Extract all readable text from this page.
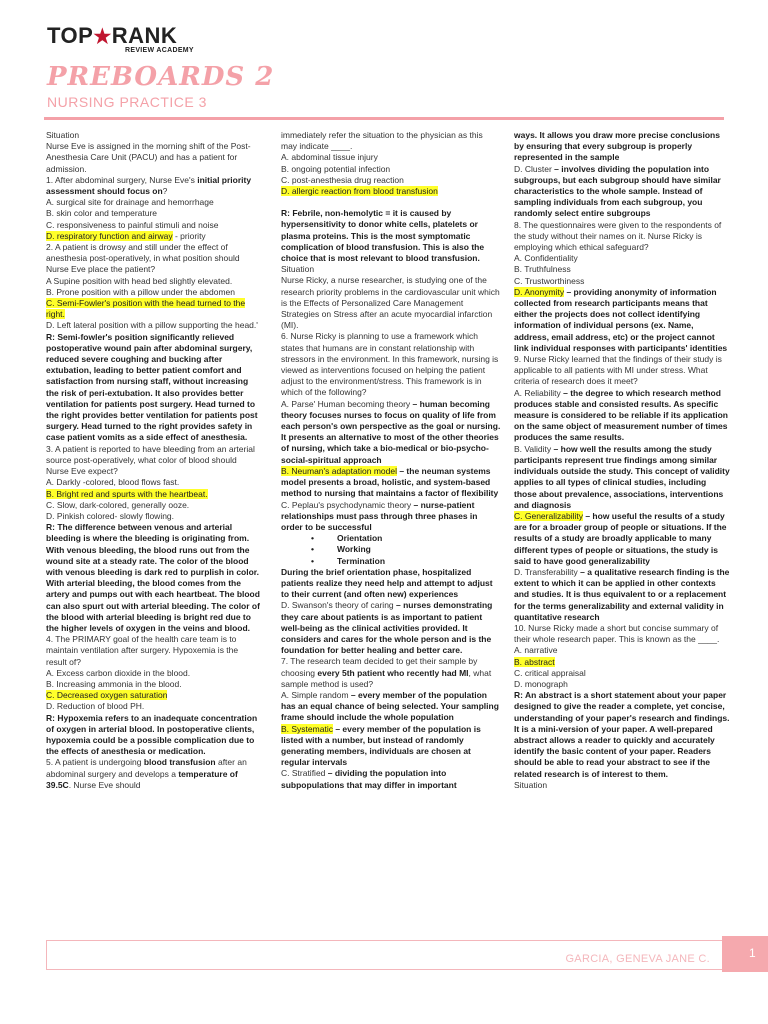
TOP★RANK
REVIEW ACADEMY
PREBOARDS 2
NURSING PRACTICE 3

Situation

Nurse Eve is assigned in the morning shift of the Post-Anesthesia Care Unit (PACU) and has a patient for admission.

1. After abdominal surgery, Nurse Eve's initial priority assessment should focus on?

A. surgical site for drainage and hemorrhage

B. skin color and temperature

C. responsiveness to painful stimuli and noise

D. respiratory function and airway - priority

2. A patient is drowsy and still under the effect of anesthesia post-operatively, in what position should Nurse Eve place the patient?

A Supine position with head bed slightly elevated.

B. Prone position with a pillow under the abdomen

C. Semi-Fowler's position with the head turned to the right.

D. Left lateral position with a pillow supporting the head.'

R: Semi-fowler's position significantly relieved postoperative wound pain after abdominal surgery, reduced severe coughing and bucking after extubation, leading to better patient comfort and satisfaction from nursing staff, without increasing the risk of peri-extubation. It also provides better ventilation for patients post surgery. Head turned to the right provides better ventilation for patients post surgery. Head turned to the right provides safety in case patient vomits as a side effect of anesthesia.

3. A patient is reported to have bleeding from an arterial source post-operatively, what color of blood should Nurse Eve expect?

A. Darkly -colored, blood flows fast.

B. Bright red and spurts with the heartbeat.

C. Slow, dark-colored, generally ooze.

D. Pinkish colored- slowly flowing.

R: The difference between venous and arterial bleeding is where the bleeding is originating from. With venous bleeding, the blood runs out from the wound site at a steady rate. The color of the blood with venous bleeding is dark red to purplish in color. With arterial bleeding, the blood comes from the artery and pumps out with each heartbeat. The blood can also spurt out with arterial bleeding. The color of the blood with arterial bleeding is bright red due to the higher levels of oxygen in the veins and blood.

4. The PRIMARY goal of the health care team is to maintain ventilation after surgery. Hypoxemia is the result of?

A. Excess carbon dioxide in the blood.

B. Increasing ammonia in the blood.

C. Decreased oxygen saturation

D. Reduction of blood PH.

R: Hypoxemia refers to an inadequate concentration of oxygen in arterial blood. In postoperative clients, hypoxemia could be a possible complication due to the effects of anesthesia or medication.

5. A patient is undergoing blood transfusion after an abdominal surgery and develops a temperature of 39.5C. Nurse Eve should

immediately refer the situation to the physician as this may indicate ____.

A. abdominal tissue injury

B. ongoing potential infection

C. post-anesthesia drug reaction

D. allergic reaction from blood transfusion

R: Febrile, non-hemolytic = it is caused by hypersensitivity to donor white cells, platelets or plasma proteins. This is the most symptomatic complication of blood transfusion. This is also the choice that is most relevant to blood transfusion.

Situation

Nurse Ricky, a nurse researcher, is studying one of the research priority problems in the cardiovascular unit which is the Effects of Personalized Care Management Strategies on Stress after an acute myocardial infarction (MI).

6. Nurse Ricky is planning to use a framework which states that humans are in constant relationship with stressors in the environment. In this framework, nursing is viewed as interventions focused on helping the patient adjust to the environment/stress. This framework is in which of the following?

A. Parse' Human becoming theory – human becoming theory focuses nurses to focus on quality of life from each person's own perspective as the goal or nursing. It presents an alternative to most of the other theories of nursing, which take a bio-medical or bio-psycho-social-spiritual approach

B. Neuman's adaptation model – the neuman systems model presents a broad, holistic, and system-based method to nursing that maintains a factor of flexibility

C. Peplau's psychodynamic theory – nurse-patient relationships must pass through three phases in order to be successful

• Orientation
• Working
• Termination

During the brief orientation phase, hospitalized patients realize they need help and attempt to adjust to their current (and often new) experiences

D. Swanson's theory of caring – nurses demonstrating they care about patients is as important to patient well-being as the clinical activities provided. It considers and cares for the whole person and is the foundation for better healing and better care.

7. The research team decided to get their sample by choosing every 5th patient who recently had MI, what sample method is used?

A. Simple random – every member of the population has an equal chance of being selected. Your sampling frame should include the whole population

B. Systematic – every member of the population is listed with a number, but instead of randomly generating members, individuals are chosen at regular intervals

C. Stratified – dividing the population into subpopulations that may differ in important

ways. It allows you draw more precise conclusions by ensuring that every subgroup is properly represented in the sample

D. Cluster – involves dividing the population into subgroups, but each subgroup should have similar characteristics to the whole sample. Instead of sampling individuals from each subgroup, you randomly select entire subgroups

8. The questionnaires were given to the respondents of the study without their names on it. Nurse Ricky is employing which ethical safeguard?

A. Confidentiality

B. Truthfulness

C. Trustworthiness

D. Anonymity – providing anonymity of information collected from research participants means that either the projects does not collect identifying information of individual persons (ex. Name, address, email address, etc) or the project cannot link individual responses with participants' identities

9. Nurse Ricky learned that the findings of their study is applicable to all patients with MI under stress. What criteria of research does it meet?

A. Reliability – the degree to which research method produces stable and consisted results. As specific measure is considered to be reliable if its application on the same object of measurement number of times produces the same results.

B. Validity – how well the results among the study participants represent true findings among similar individuals outside the study. This concept of validity applies to all types of clinical studies, including those about prevalence, associations, interventions and diagnosis

C. Generalizability – how useful the results of a study are for a broader group of people or situations. If the results of a study are broadly applicable to many different types of people or situations, the study is said to have good generalizability

D. Transferability – a qualitative research finding is the extent to which it can be applied in other contexts and studies. It is thus equivalent to or a replacement for the terms generalizability and external validity in quantitative research

10. Nurse Ricky made a short but concise summary of their whole research paper. This is known as the ____.

A. narrative

B. abstract

C. critical appraisal

D. monograph

R: An abstract is a short statement about your paper designed to give the reader a complete, yet concise, understanding of your paper's research and findings. It is a mini-version of your paper. A well-prepared abstract allows a reader to quickly and accurately identify the basic content of your paper. Readers should be able to read your abstract to see if the related research is of interest to them.

Situation

GARCIA, GENEVA JANE C.	1
